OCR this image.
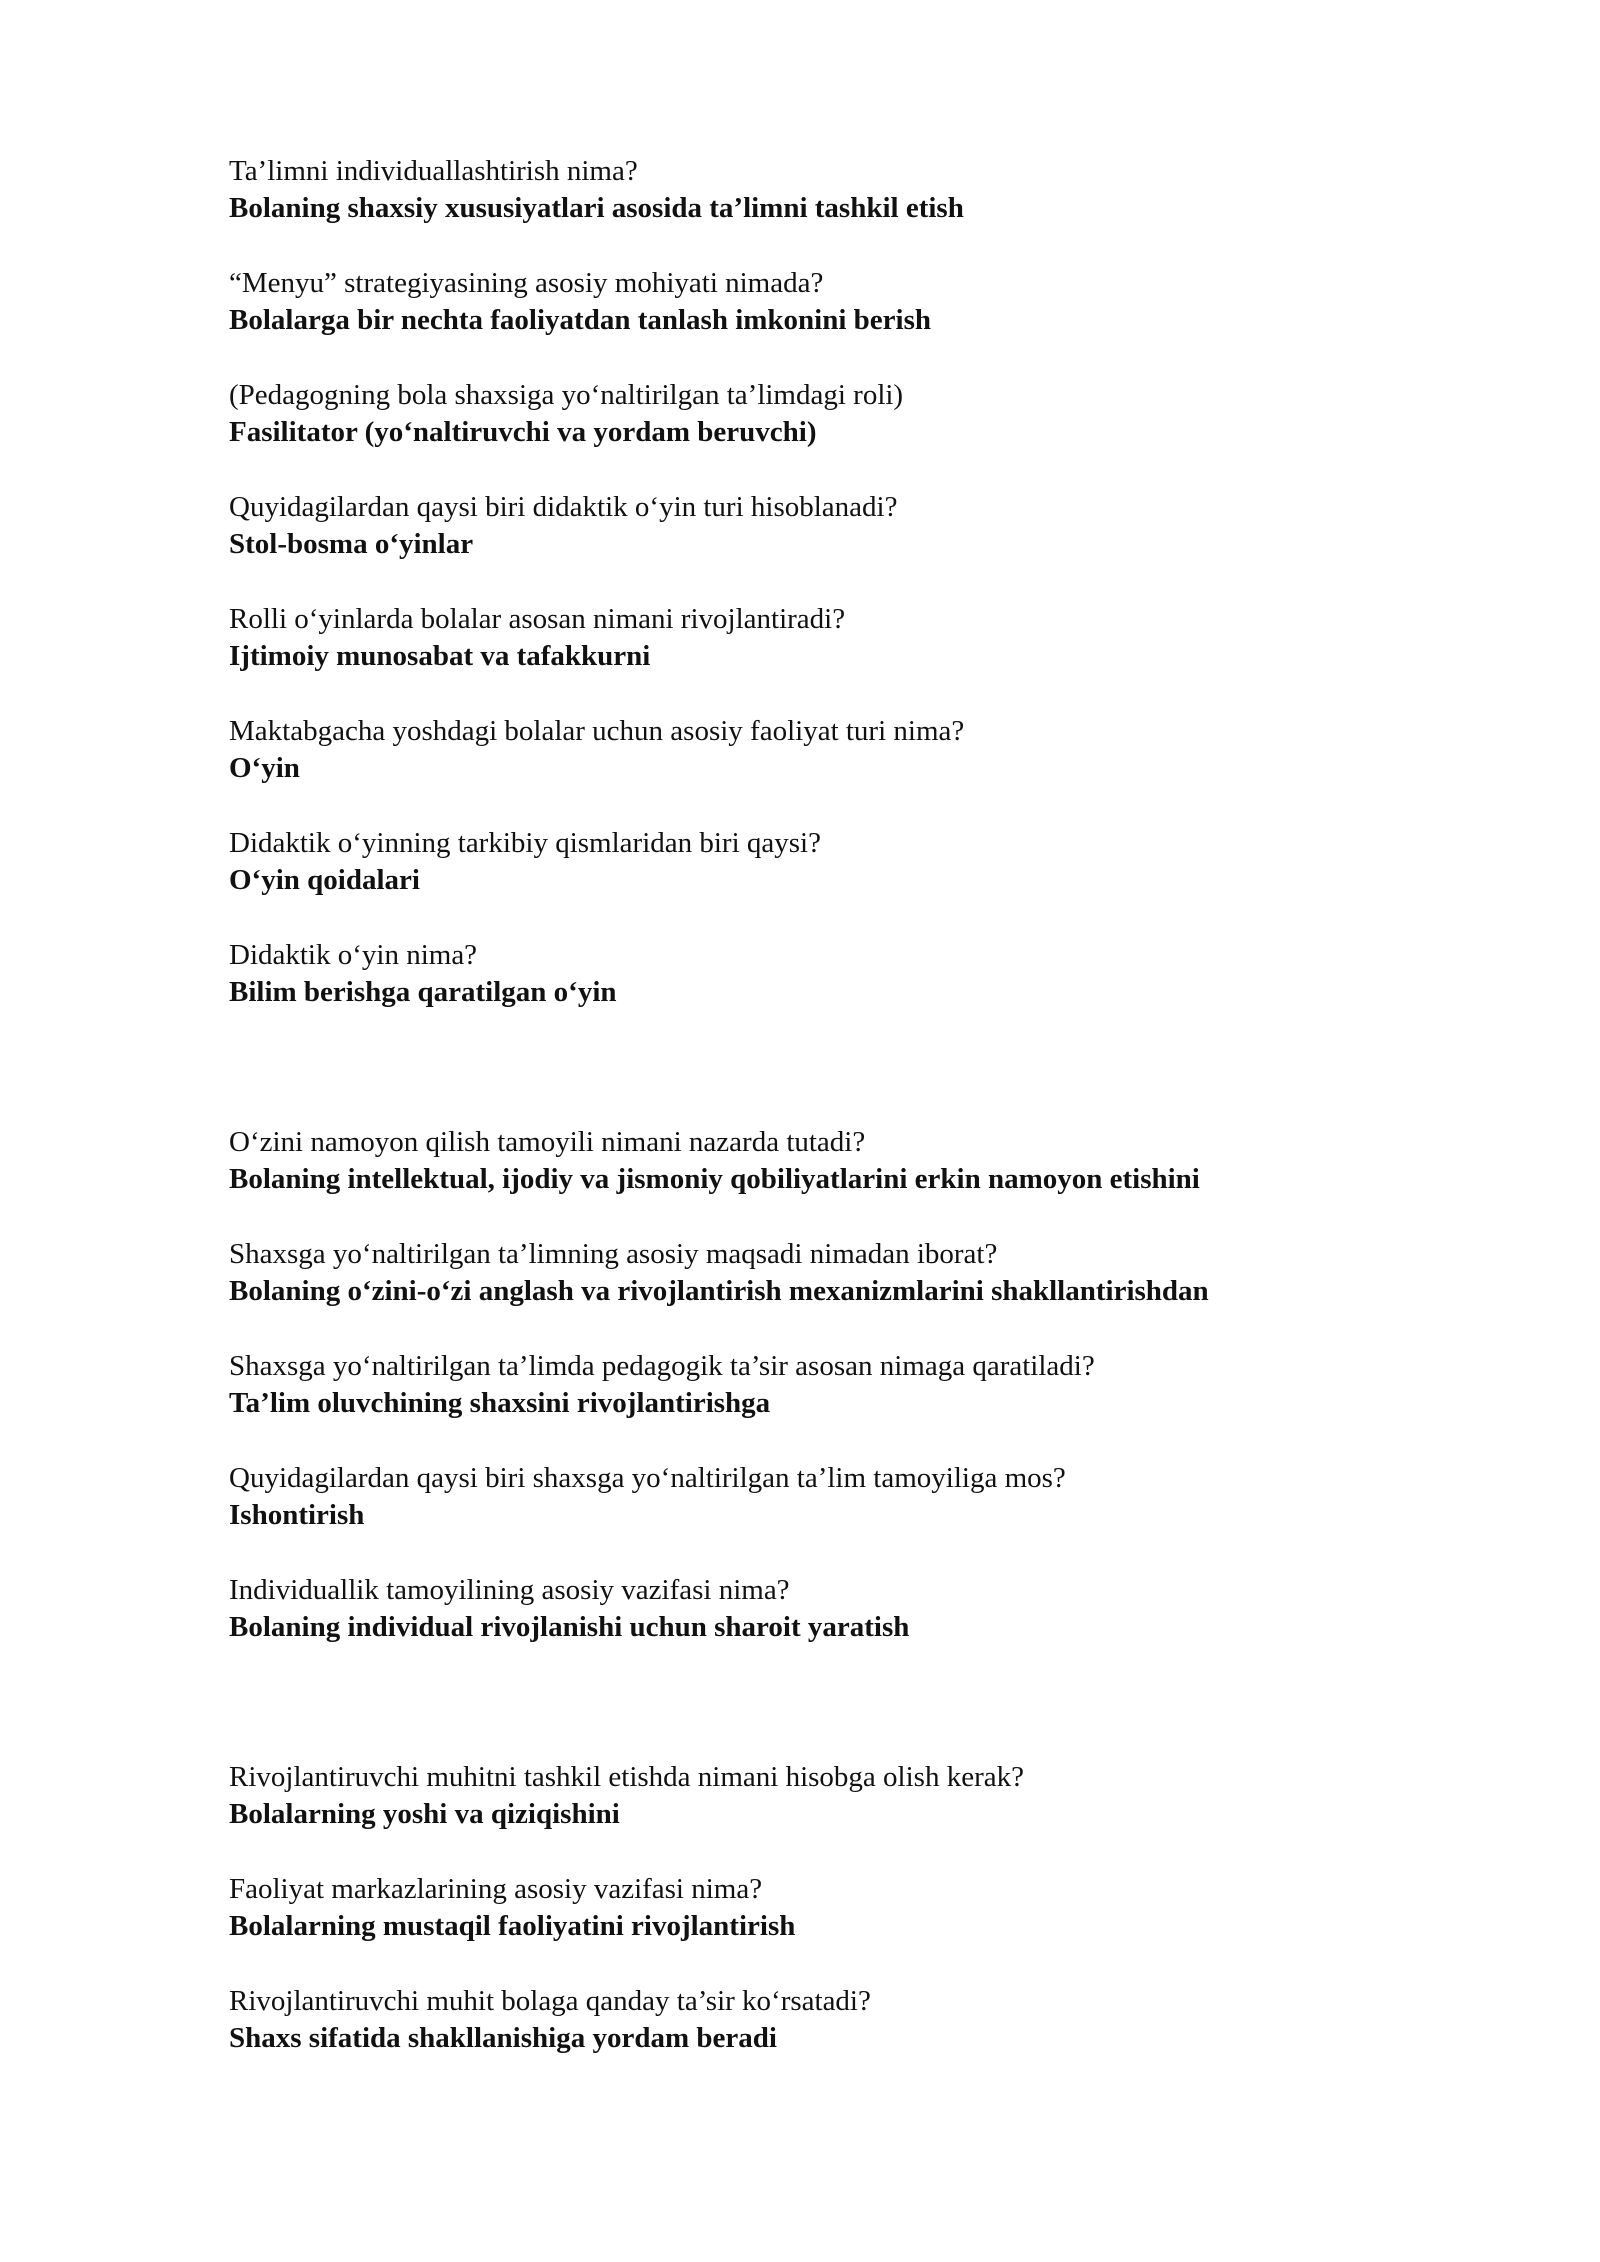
Ta’limni individuallashtirish nima?
Bolaning shaxsiy xususiyatlari asosida ta’limni tashkil etish
“Menyu” strategiyasining asosiy mohiyati nimada?
Bolalarga bir nechta faoliyatdan tanlash imkonini berish
(Pedagogning bola shaxsiga yo‘naltirilgan ta’limdagi roli)
Fasilitator (yo‘naltiruvchi va yordam beruvchi)
Quyidagilardan qaysi biri didaktik o‘yin turi hisoblanadi?
Stol-bosma o‘yinlar
Rolli o‘yinlarda bolalar asosan nimani rivojlantiradi?
Ijtimoiy munosabat va tafakkurni
Maktabgacha yoshdagi bolalar uchun asosiy faoliyat turi nima?
O‘yin
Didaktik o‘yinning tarkibiy qismlaridan biri qaysi?
O‘yin qoidalari
Didaktik o‘yin nima?
Bilim berishga qaratilgan o‘yin
O‘zini namoyon qilish tamoyili nimani nazarda tutadi?
Bolaning intellektual, ijodiy va jismoniy qobiliyatlarini erkin namoyon etishini
Shaxsga yo‘naltirilgan ta’limning asosiy maqsadi nimadan iborat?
Bolaning o‘zini-o‘zi anglash va rivojlantirish mexanizmlarini shakllantirishdan
Shaxsga yo‘naltirilgan ta’limda pedagogik ta’sir asosan nimaga qaratiladi?
Ta’lim oluvchining shaxsini rivojlantirishga
Quyidagilardan qaysi biri shaxsga yo‘naltirilgan ta’lim tamoyiliga mos?
Ishontirish
Individuallik tamoyilining asosiy vazifasi nima?
Bolaning individual rivojlanishi uchun sharoit yaratish
Rivojlantiruvchi muhitni tashkil etishda nimani hisobga olish kerak?
Bolalarning yoshi va qiziqishini
Faoliyat markazlarining asosiy vazifasi nima?
Bolalarning mustaqil faoliyatini rivojlantirish
Rivojlantiruvchi muhit bolaga qanday ta’sir ko‘rsatadi?
Shaxs sifatida shakllanishiga yordam beradi
